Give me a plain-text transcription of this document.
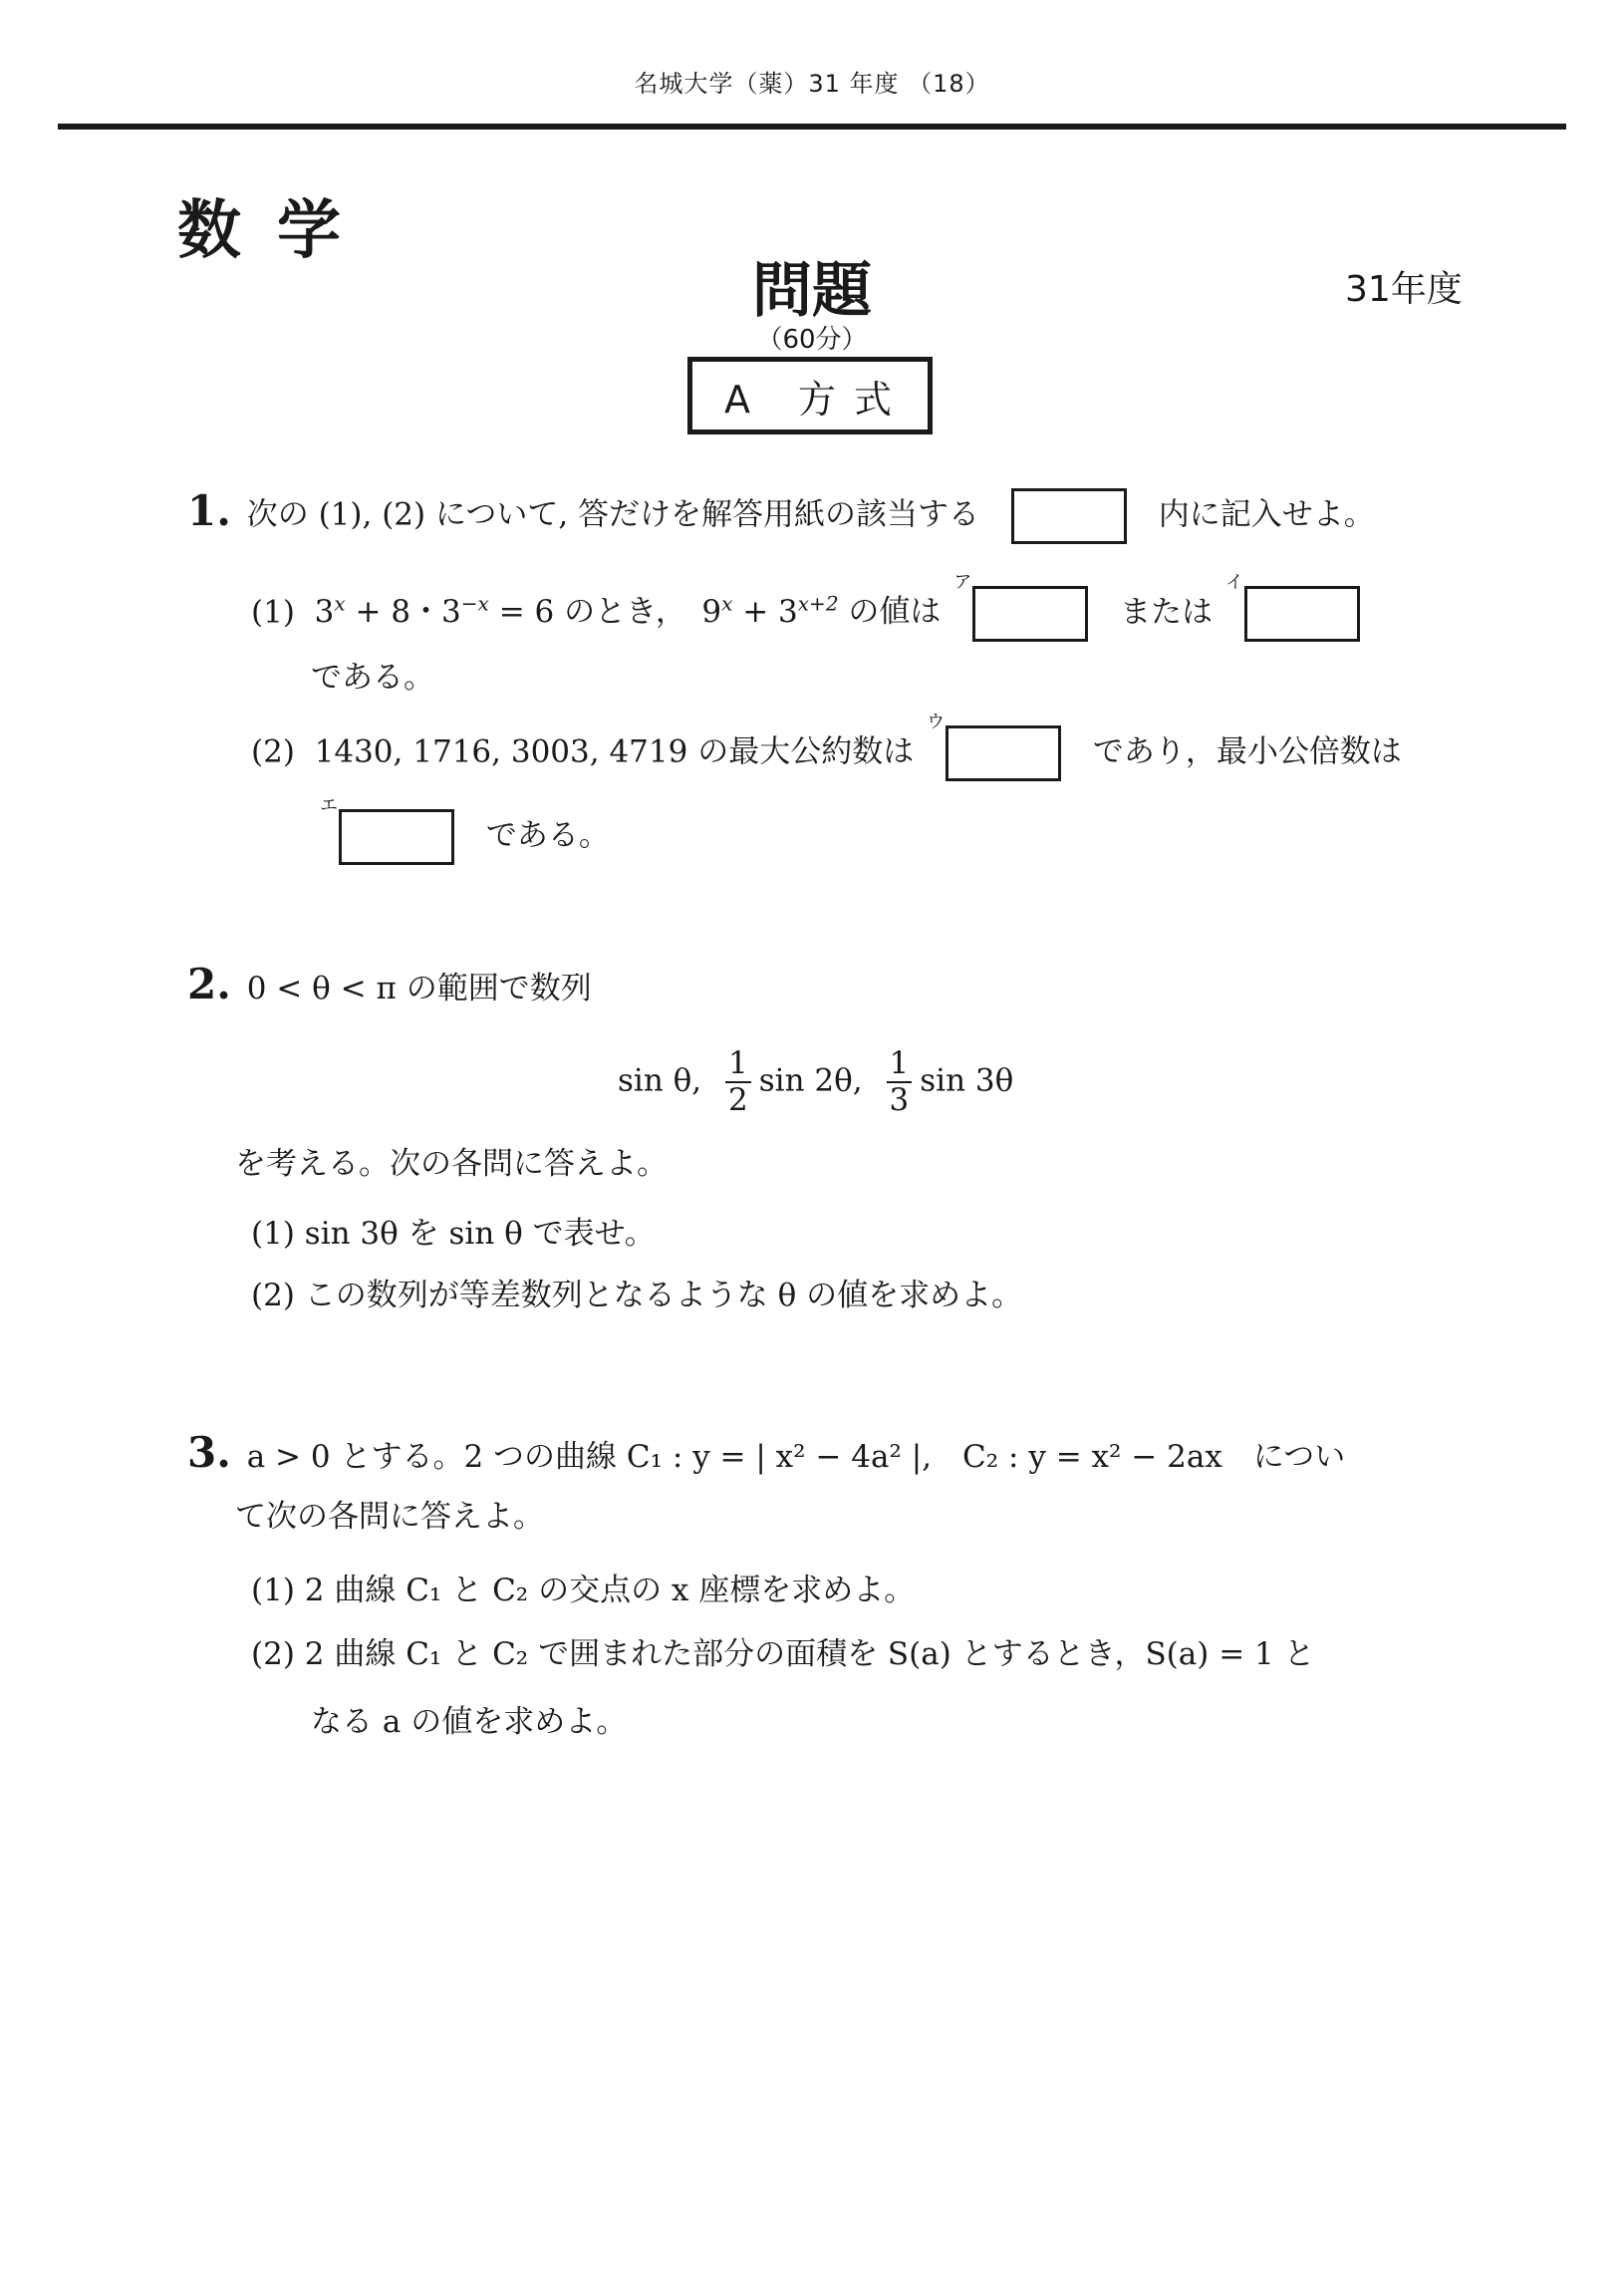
名城大学（薬）31 年度 （18）
数学
問題	31年度
（60分）
A 方式
1. 次の (1), (2) について, 答だけを解答用紙の該当する	内に記入せよ。
(1) $3^x + 8$・$3^{-x} = 6$ のとき，　$9^x + 3^{x+2}$ の値は
ア
または
イ
である。
(2) 1430, 1716, 3003, 4719 の最大公約数は
ウ
であり，最小公倍数は
エ
である。
2. 0 < θ < π の範囲で数列
sin θ, $\frac{1}{2}$ sin 2θ, $\frac{1}{3}$ sin 3θ
を考える。次の各問に答えよ。
(1) sin 3θ を sin θ で表せ。
(2) この数列が等差数列となるような θ の値を求めよ。
3. a > 0 とする。2 つの曲線 C₁ : y = | x² − 4a² |,　C₂ : y = x² − 2ax　につい
て次の各問に答えよ。
(1) 2 曲線 C₁ と C₂ の交点の x 座標を求めよ。
(2) 2 曲線 C₁ と C₂ で囲まれた部分の面積を S(a) とするとき，S(a) = 1 と
なる a の値を求めよ。
